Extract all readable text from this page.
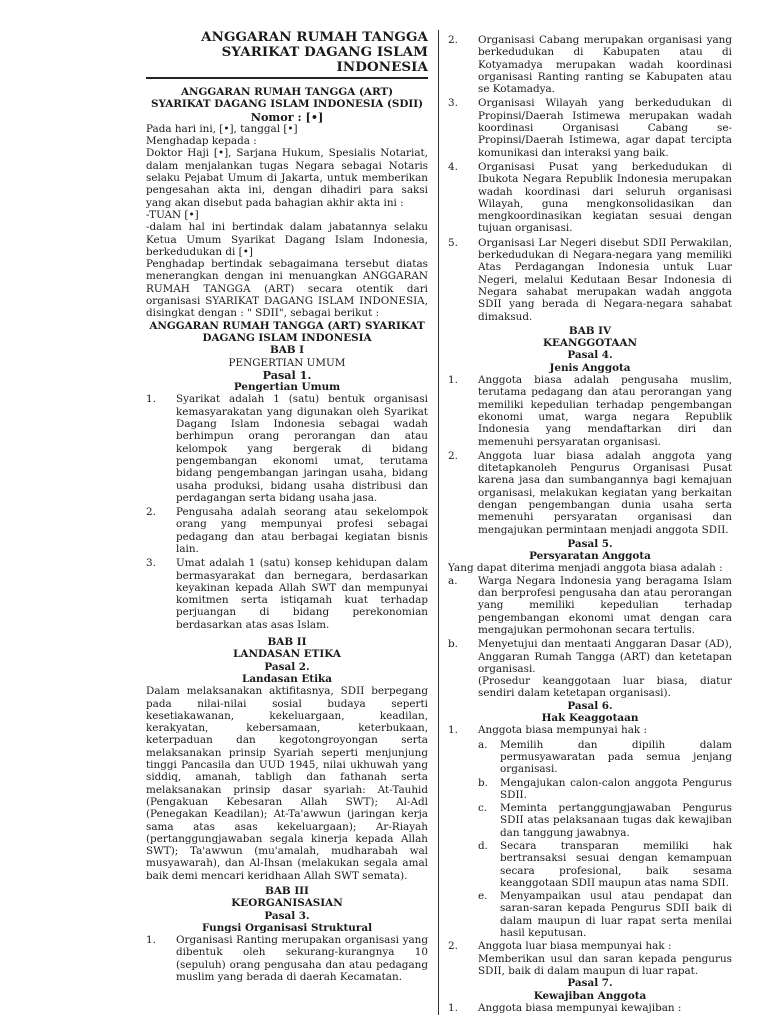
ANGGARAN RUMAH TANGGA
SYARIKAT DAGANG ISLAM INDONESIA
ANGGARAN RUMAH TANGGA (ART)
SYARIKAT DAGANG ISLAM INDONESIA (SDII)
Nomor : [•]
Pada hari ini, [•], tanggal [•]
Menghadap kepada :
Doktor Haji [•], Sarjana Hukum, Spesialis Notariat, dalam menjalankan tugas Negara sebagai Notaris selaku Pejabat Umum di Jakarta, untuk memberikan pengesahan akta ini, dengan dihadiri para saksi yang akan disebut pada bahagian akhir akta ini :
-TUAN [•]
-dalam hal ini bertindak dalam jabatannya selaku Ketua Umum Syarikat Dagang Islam Indonesia, berkedudukan di [•]
Penghadap bertindak sebagaimana tersebut diatas menerangkan dengan ini menuangkan ANGGARAN RUMAH TANGGA (ART) secara otentik dari organisasi SYARIKAT DAGANG ISLAM INDONESIA, disingkat dengan : " SDII", sebagai berikut :
ANGGARAN RUMAH TANGGA (ART) SYARIKAT DAGANG ISLAM INDONESIA
BAB I
PENGERTIAN UMUM
Pasal 1.
Pengertian Umum
1. Syarikat adalah 1 (satu) bentuk organisasi kemasyarakatan yang digunakan oleh Syarikat Dagang Islam Indonesia sebagai wadah berhimpun orang perorangan dan atau kelompok yang bergerak di bidang pengembangan ekonomi umat, terutama bidang pengembangan jaringan usaha, bidang usaha produksi, bidang usaha distribusi dan perdagangan serta bidang usaha jasa.
2. Pengusaha adalah seorang atau sekelompok orang yang mempunyai profesi sebagai pedagang dan atau berbagai kegiatan bisnis lain.
3. Umat adalah 1 (satu) konsep kehidupan dalam bermasyarakat dan bernegara, berdasarkan keyakinan kepada Allah SWT dan mempunyai komitmen serta istiqamah kuat terhadap perjuangan di bidang perekonomian berdasarkan atas asas Islam.
BAB II
LANDASAN ETIKA
Pasal 2.
Landasan Etika
Dalam melaksanakan aktifitasnya, SDII berpegang pada nilai-nilai sosial budaya seperti kesetiakawanan, kekeluargaan, keadilan, kerakyatan, kebersamaan, keterbukaan, keterpaduan dan kegotongroyongan serta melaksanakan prinsip Syariah seperti menjunjung tinggi Pancasila dan UUD 1945, nilai ukhuwah yang siddiq, amanah, tabligh dan fathanah serta melaksanakan prinsip dasar syariah: At-Tauhid (Pengakuan Kebesaran Allah SWT); Al-Adl (Penegakan Keadilan); At-Ta'awwun (jaringan kerja sama atas asas kekeluargaan); Ar-Riayah (pertanggungjawaban segala kinerja kepada Allah SWT); Ta'awwun (mu'amalah, mudharabah wal musyawarah), dan Al-Ihsan (melakukan segala amal baik demi mencari keridhaan Allah SWT semata).
BAB III
KEORGANISASIAN
Pasal 3.
Fungsi Organisasi Struktural
1. Organisasi Ranting merupakan organisasi yang dibentuk oleh sekurang-kurangnya 10 (sepuluh) orang pengusaha dan atau pedagang muslim yang berada di daerah Kecamatan.
2. Organisasi Cabang merupakan organisasi yang berkedudukan di Kabupaten atau di Kotyamadya merupakan wadah koordinasi organisasi Ranting ranting se Kabupaten atau se Kotamadya.
3. Organisasi Wilayah yang berkedudukan di Propinsi/Daerah Istimewa merupakan wadah koordinasi Organisasi Cabang se-Propinsi/Daerah Istimewa, agar dapat tercipta komunikasi dan interaksi yang baik.
4. Organisasi Pusat yang berkedudukan di Ibukota Negara Republik Indonesia merupakan wadah koordinasi dari seluruh organisasi Wilayah, guna mengkonsolidasikan dan mengkoordinasikan kegiatan sesuai dengan tujuan organisasi.
5. Organisasi Lar Negeri disebut SDII Perwakilan, berkedudukan di Negara-negara yang memiliki Atas Perdagangan Indonesia untuk Luar Negeri, melalui Kedutaan Besar Indonesia di Negara sahabat merupakan wadah anggota SDII yang berada di Negara-negara sahabat dimaksud.
BAB IV
KEANGGOTAAN
Pasal 4.
Jenis Anggota
1. Anggota biasa adalah pengusaha muslim, terutama pedagang dan atau perorangan yang memiliki kepedulian terhadap pengembangan ekonomi umat, warga negara Republik Indonesia yang mendaftarkan diri dan memenuhi persyaratan organisasi.
2. Anggota luar biasa adalah anggota yang ditetapkanoleh Pengurus Organisasi Pusat karena jasa dan sumbangannya bagi kemajuan organisasi, melakukan kegiatan yang berkaitan dengan pengembangan dunia usaha serta memenuhi persyaratan organisasi dan mengajukan permintaan menjadi anggota SDII.
Pasal 5.
Persyaratan Anggota
Yang dapat diterima menjadi anggota biasa adalah :
a. Warga Negara Indonesia yang beragama Islam dan berprofesi pengusaha dan atau perorangan yang memiliki kepedulian terhadap pengembangan ekonomi umat dengan cara mengajukan permohonan secara tertulis.
b. Menyetujui dan mentaati Anggaran Dasar (AD), Anggaran Rumah Tangga (ART) dan ketetapan organisasi.
(Prosedur keanggotaan luar biasa, diatur sendiri dalam ketetapan organisasi).
Pasal 6.
Hak Keaggotaan
1. Anggota biasa mempunyai hak :
a. Memilih dan dipilih dalam permusyawaratan pada semua jenjang organisasi.
b. Mengajukan calon-calon anggota Pengurus SDII.
c. Meminta pertanggungjawaban Pengurus SDII atas pelaksanaan tugas dak kewajiban dan tanggung jawabnya.
d. Secara transparan memiliki hak bertransaksi sesuai dengan kemampuan secara profesional, baik sesama keanggotaan SDII maupun atas nama SDII.
e. Menyampaikan usul atau pendapat dan saran-saran kepada Pengurus SDII baik di dalam maupun di luar rapat serta menilai hasil keputusan.
2. Anggota luar biasa mempunyai hak :
Memberikan usul dan saran kepada pengurus SDII, baik di dalam maupun di luar rapat.
Pasal 7.
Kewajiban Anggota
1. Anggota biasa mempunyai kewajiban :
